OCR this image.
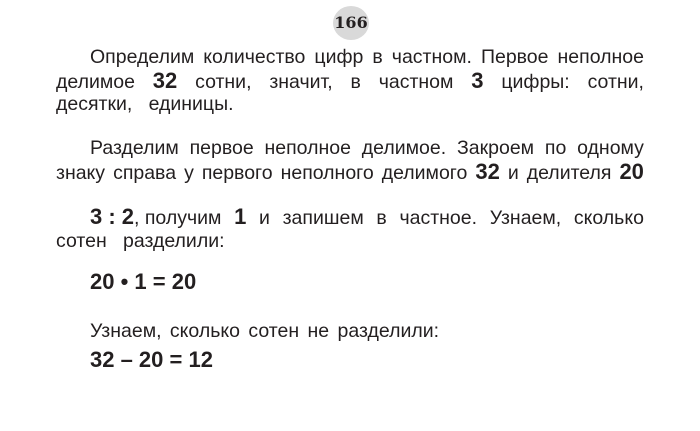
166
Определим количество цифр в частном. Первое неполное
делимое 32 сотни, значит, в частном 3 цифры: сотни,
десятки, единицы.
Разделим первое неполное делимое. Закроем по одному
знаку справа у первого неполного делимого 32 и делителя 20
3 : 2, получим 1 и запишем в частное. Узнаем, сколько
сотен разделили:
20 • 1 = 20
Узнаем, сколько сотен не разделили:
32 – 20 = 12
